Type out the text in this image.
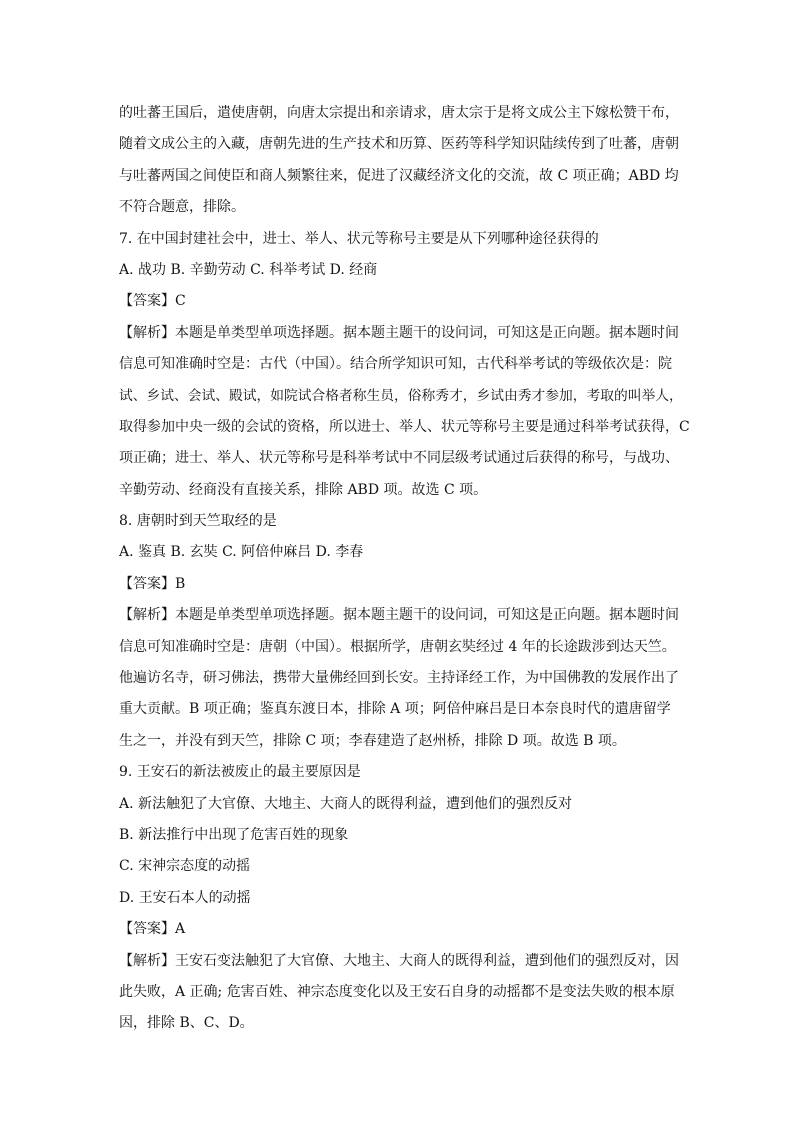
的吐蕃王国后，遣使唐朝，向唐太宗提出和亲请求，唐太宗于是将文成公主下嫁松赞干布，
随着文成公主的入藏，唐朝先进的生产技术和历算、医药等科学知识陆续传到了吐蕃，唐朝
与吐蕃两国之间使臣和商人频繁往来，促进了汉藏经济文化的交流，故 C 项正确；ABD 均
不符合题意，排除。
7. 在中国封建社会中，进士、举人、状元等称号主要是从下列哪种途径获得的
A. 战功 B. 辛勤劳动 C. 科举考试 D. 经商
【答案】C
【解析】本题是单类型单项选择题。据本题主题干的设问词，可知这是正向题。据本题时间
信息可知准确时空是：古代（中国）。结合所学知识可知，古代科举考试的等级依次是：院
试、乡试、会试、殿试，如院试合格者称生员，俗称秀才，乡试由秀才参加，考取的叫举人，
取得参加中央一级的会试的资格，所以进士、举人、状元等称号主要是通过科举考试获得，C
项正确；进士、举人、状元等称号是科举考试中不同层级考试通过后获得的称号，与战功、
辛勤劳动、经商没有直接关系，排除 ABD 项。故选 C 项。
8. 唐朝时到天竺取经的是
A. 鉴真 B. 玄奘 C. 阿倍仲麻吕 D. 李春
【答案】B
【解析】本题是单类型单项选择题。据本题主题干的设问词，可知这是正向题。据本题时间
信息可知准确时空是：唐朝（中国）。根据所学，唐朝玄奘经过 4 年的长途跋涉到达天竺。
他遍访名寺，研习佛法，携带大量佛经回到长安。主持译经工作，为中国佛教的发展作出了
重大贡献。B 项正确；鉴真东渡日本，排除 A 项；阿倍仲麻吕是日本奈良时代的遣唐留学
生之一，并没有到天竺，排除 C 项；李春建造了赵州桥，排除 D 项。故选 B 项。
9. 王安石的新法被废止的最主要原因是
A. 新法触犯了大官僚、大地主、大商人的既得利益，遭到他们的强烈反对
B. 新法推行中出现了危害百姓的现象
C. 宋神宗态度的动摇
D. 王安石本人的动摇
【答案】A
【解析】王安石变法触犯了大官僚、大地主、大商人的既得利益，遭到他们的强烈反对，因
此失败，A 正确; 危害百姓、神宗态度变化以及王安石自身的动摇都不是变法失败的根本原
因，排除 B、C、D。
